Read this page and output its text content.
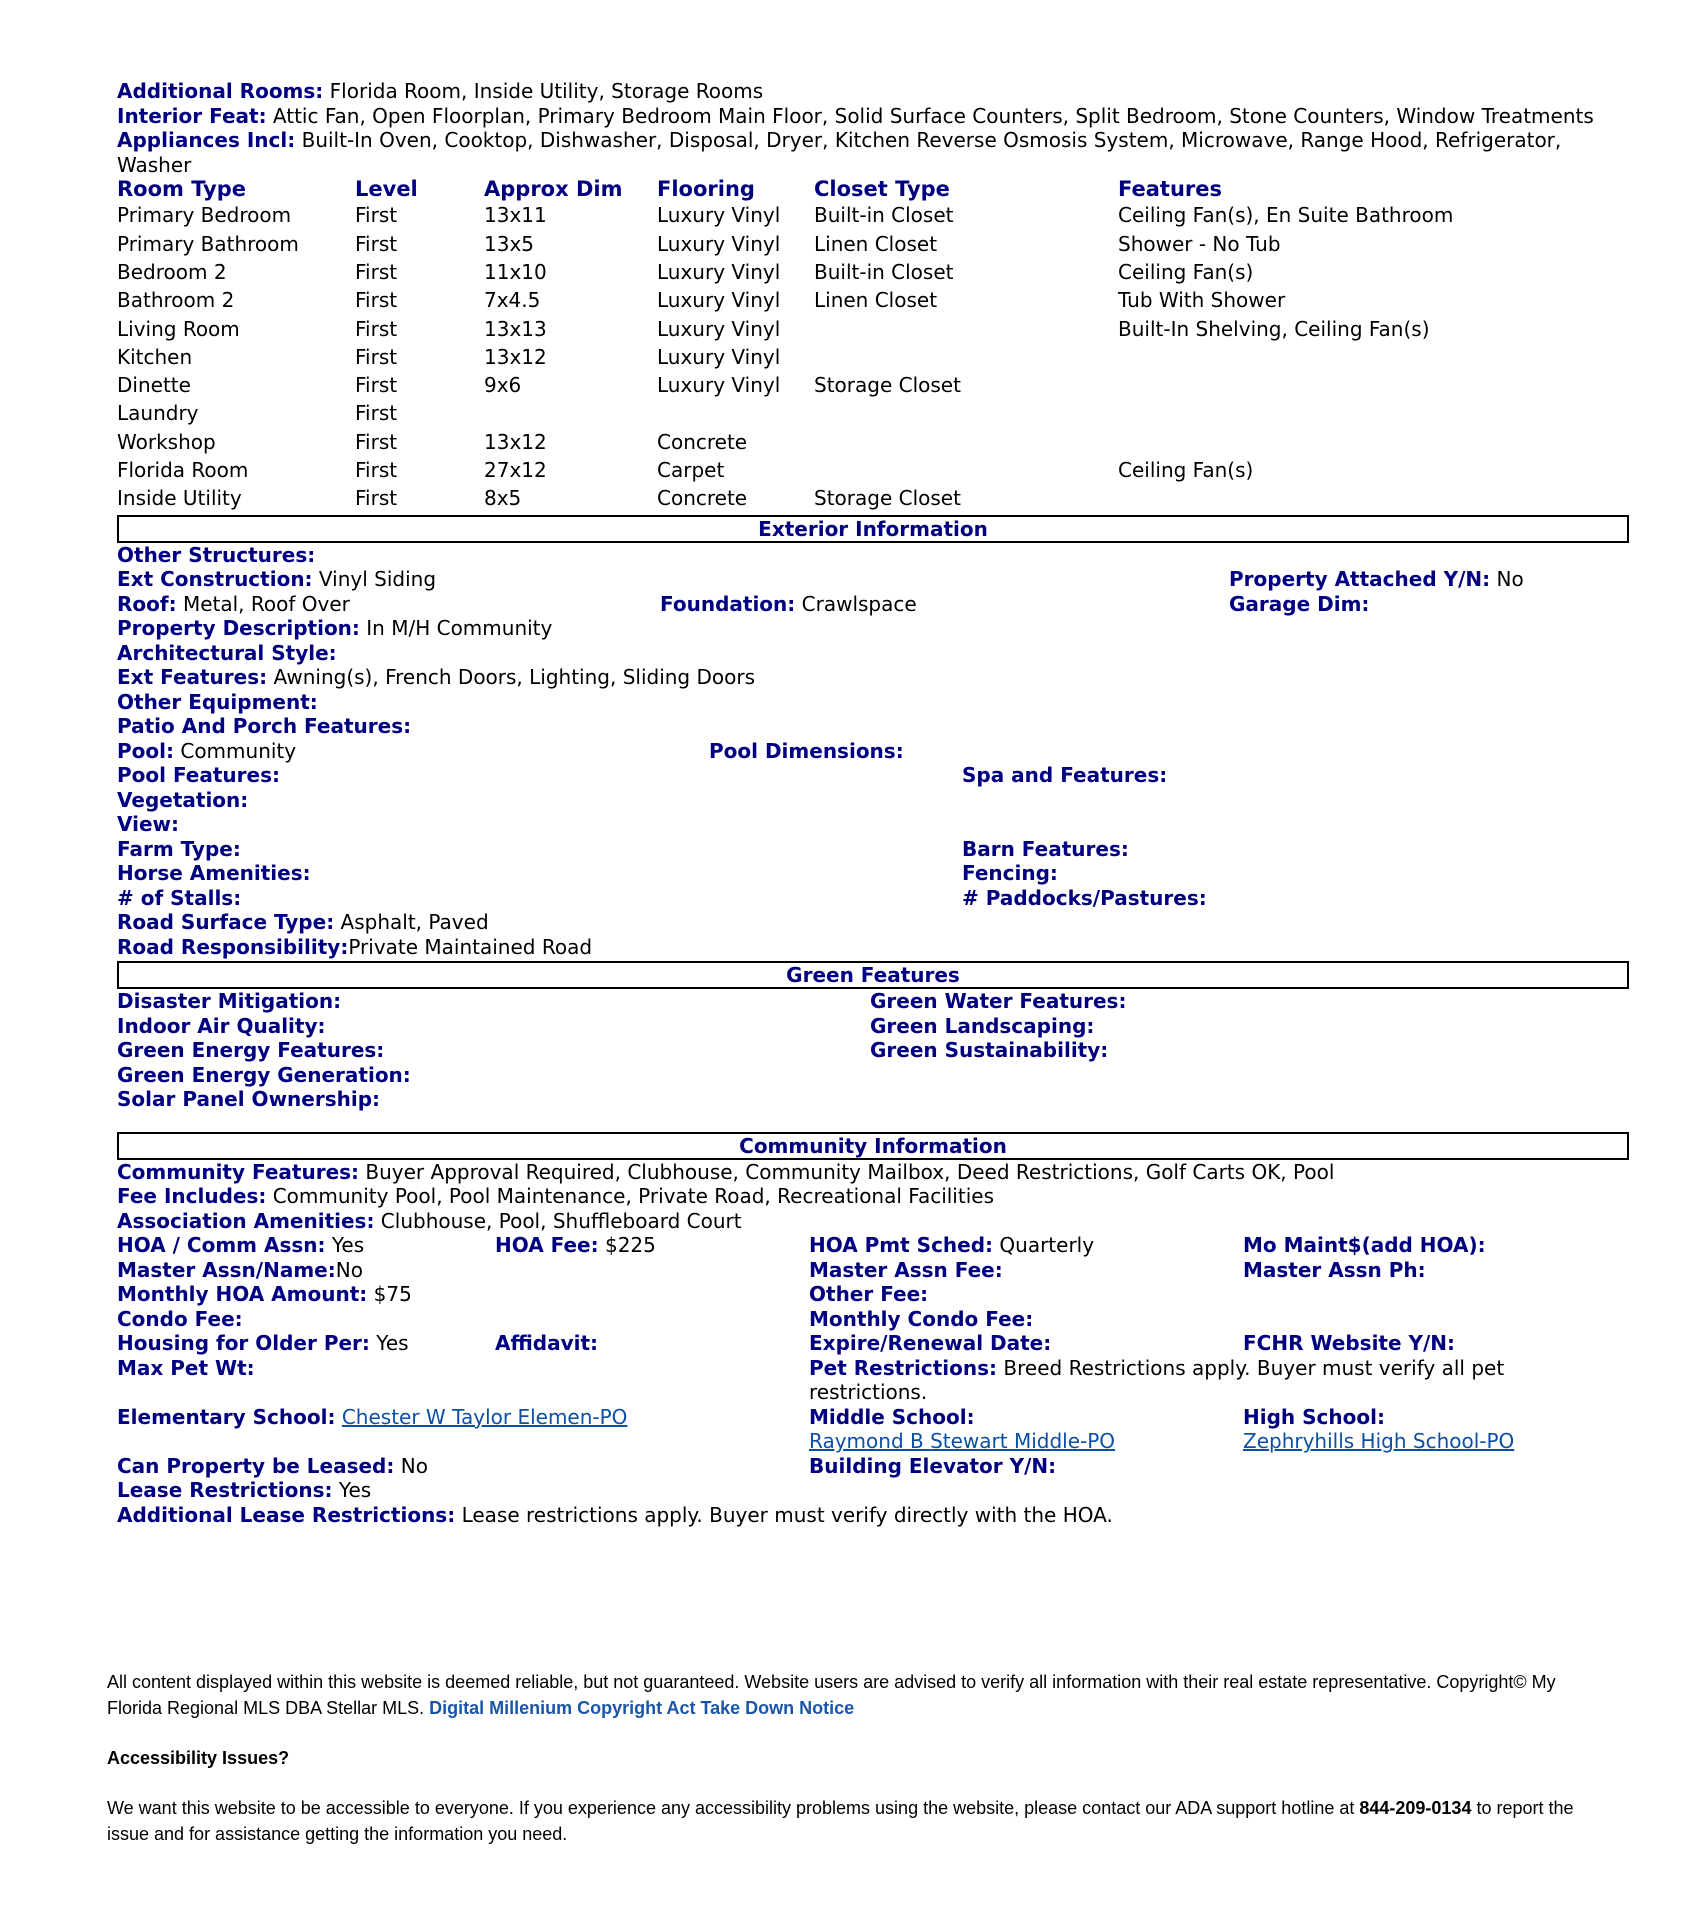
Additional Rooms: Florida Room, Inside Utility, Storage Rooms
Interior Feat: Attic Fan, Open Floorplan, Primary Bedroom Main Floor, Solid Surface Counters, Split Bedroom, Stone Counters, Window Treatments
Appliances Incl: Built-In Oven, Cooktop, Dishwasher, Disposal, Dryer, Kitchen Reverse Osmosis System, Microwave, Range Hood, Refrigerator, Washer
Room Type	Level	Approx Dim	Flooring	Closet Type	Features
Primary Bedroom	First	13x11	Luxury Vinyl	Built-in Closet	Ceiling Fan(s), En Suite Bathroom
Primary Bathroom	First	13x5	Luxury Vinyl	Linen Closet	Shower - No Tub
Bedroom 2	First	11x10	Luxury Vinyl	Built-in Closet	Ceiling Fan(s)
Bathroom 2	First	7x4.5	Luxury Vinyl	Linen Closet	Tub With Shower
Living Room	First	13x13	Luxury Vinyl		Built-In Shelving, Ceiling Fan(s)
Kitchen	First	13x12	Luxury Vinyl		
Dinette	First	9x6	Luxury Vinyl	Storage Closet	
Laundry	First				
Workshop	First	13x12	Concrete		
Florida Room	First	27x12	Carpet		Ceiling Fan(s)
Inside Utility	First	8x5	Concrete	Storage Closet	
Exterior Information
Other Structures:
Ext Construction: Vinyl Siding	Property Attached Y/N: No
Roof: Metal, Roof Over	Foundation: Crawlspace	Garage Dim:
Property Description: In M/H Community
Architectural Style:
Ext Features: Awning(s), French Doors, Lighting, Sliding Doors
Other Equipment:
Patio And Porch Features:
Pool: Community	Pool Dimensions:
Pool Features:	Spa and Features:
Vegetation:
View:
Farm Type:	Barn Features:
Horse Amenities:	Fencing:
# of Stalls:	# Paddocks/Pastures:
Road Surface Type: Asphalt, Paved
Road Responsibility:Private Maintained Road
Green Features
Disaster Mitigation:	Green Water Features:
Indoor Air Quality:	Green Landscaping:
Green Energy Features:	Green Sustainability:
Green Energy Generation:
Solar Panel Ownership:
Community Information
Community Features: Buyer Approval Required, Clubhouse, Community Mailbox, Deed Restrictions, Golf Carts OK, Pool
Fee Includes: Community Pool, Pool Maintenance, Private Road, Recreational Facilities
Association Amenities: Clubhouse, Pool, Shuffleboard Court
HOA / Comm Assn: Yes	HOA Fee: $225	HOA Pmt Sched: Quarterly	Mo Maint$(add HOA):
Master Assn/Name:No	Master Assn Fee:	Master Assn Ph:
Monthly HOA Amount: $75	Other Fee:
Condo Fee:	Monthly Condo Fee:
Housing for Older Per: Yes	Affidavit:	Expire/Renewal Date:	FCHR Website Y/N:
Max Pet Wt:	Pet Restrictions: Breed Restrictions apply. Buyer must verify all pet restrictions.
Elementary School: Chester W Taylor Elemen-PO	Middle School:
Raymond B Stewart Middle-PO
High School:
Zephryhills High School-PO
Can Property be Leased: No	Building Elevator Y/N:
Lease Restrictions: Yes
Additional Lease Restrictions: Lease restrictions apply. Buyer must verify directly with the HOA.
All content displayed within this website is deemed reliable, but not guaranteed. Website users are advised to verify all information with their real estate representative. Copyright© My Florida Regional MLS DBA Stellar MLS. Digital Millenium Copyright Act Take Down Notice
Accessibility Issues?
We want this website to be accessible to everyone. If you experience any accessibility problems using the website, please contact our ADA support hotline at 844-209-0134 to report the issue and for assistance getting the information you need.
